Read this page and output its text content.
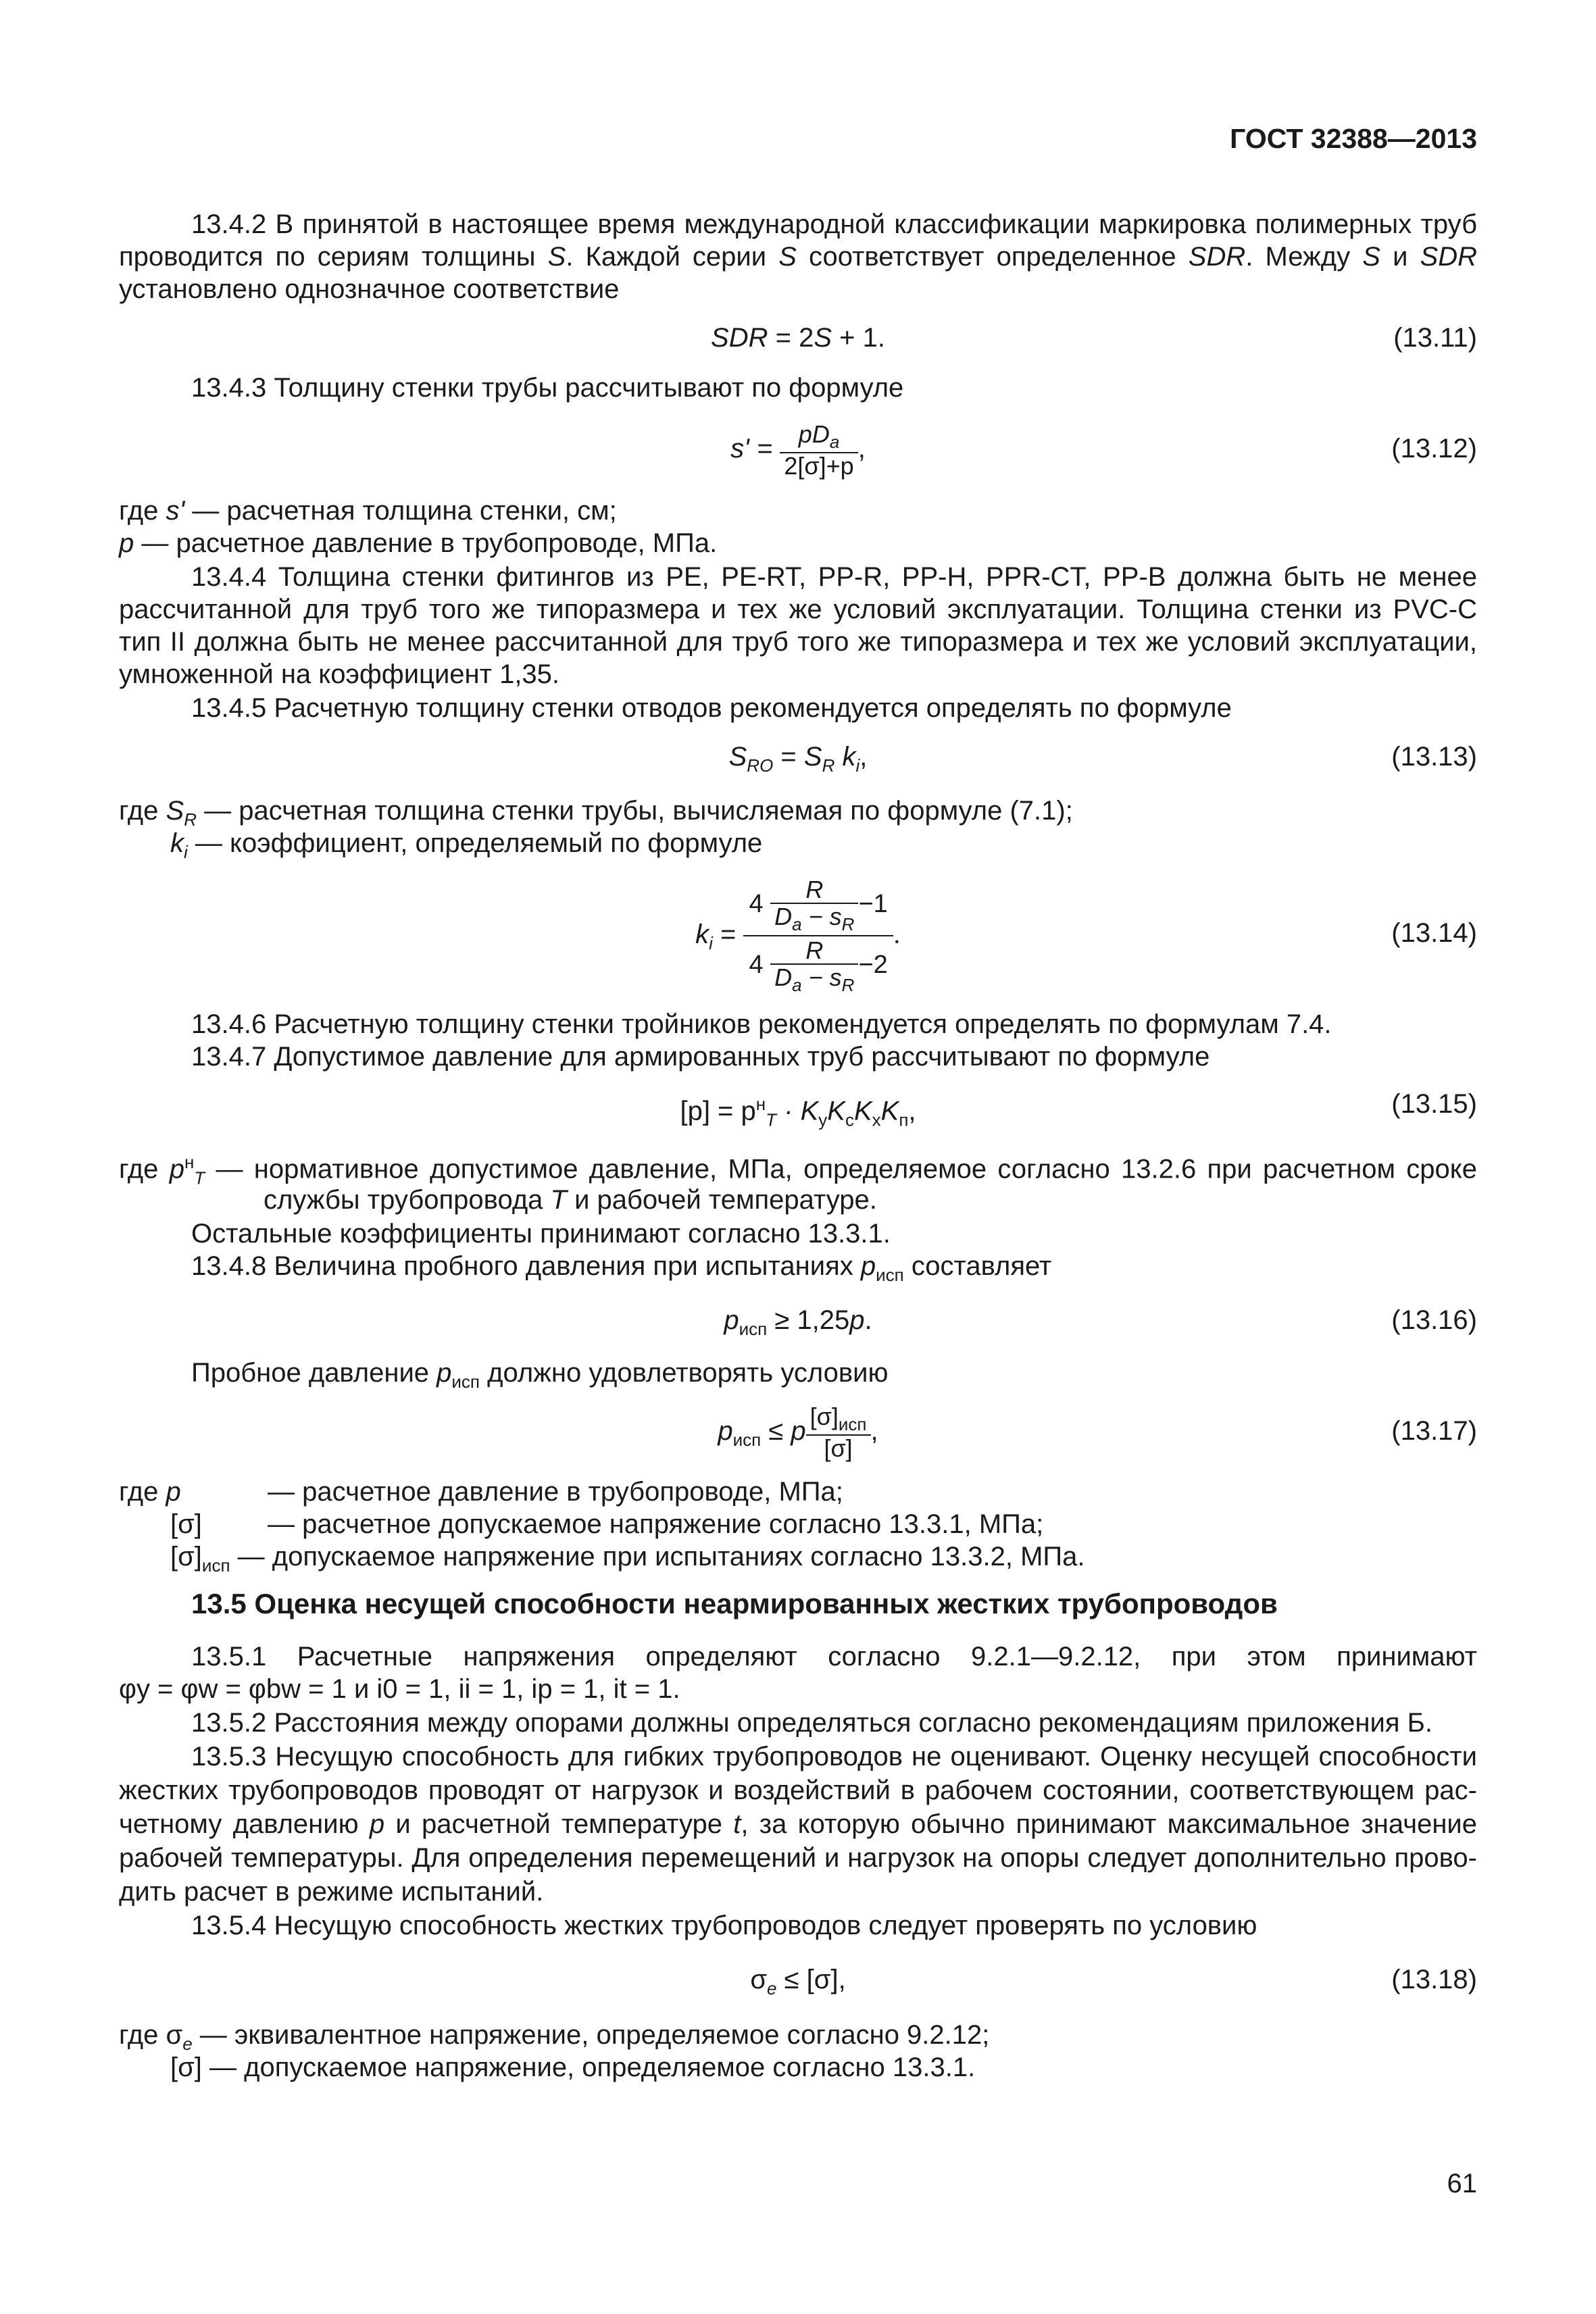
ГОСТ 32388—2013
13.4.2 В принятой в настоящее время международной классификации маркировка полимерных труб
проводится по сериям толщины S. Каждой серии S соответствует определенное SDR. Между S и SDR
установлено однозначное соответствие
SDR = 2S + 1.	(13.11)
13.4.3 Толщину стенки трубы рассчитывают по формуле
$s' = \frac{pD_a}{2[\sigma]+p}$ ,	(13.12)
где s' — расчетная толщина стенки, см;
p — расчетное давление в трубопроводе, МПа.
13.4.4 Толщина стенки фитингов из PE, PE-RT, PP-R, PP-H, PPR-CT, PP-B должна быть не менее
рассчитанной для труб того же типоразмера и тех же условий эксплуатации. Толщина стенки из PVC-C
тип II должна быть не менее рассчитанной для труб того же типоразмера и тех же условий эксплуатации,
умноженной на коэффициент 1,35.
13.4.5 Расчетную толщину стенки отводов рекомендуется определять по формуле
$S_{RO} = S_R$ $k_i$,	(13.13)
где $S_R$ — расчетная толщина стенки трубы, вычисляемая по формуле (7.1);
$k_i$ — коэффициент, определяемый по формуле
$k_i$ =
$4 \frac{R}{D_a - s_R} -1$
$4 \frac{R}{D_a - s_R} -2$
.	(13.14)
13.4.6 Расчетную толщину стенки тройников рекомендуется определять по формулам 7.4.
13.4.7 Допустимое давление для армированных труб рассчитывают по формуле
$[p] = p^н_T \cdot K_уK_сK_хK_п$,	(13.15)
где $p^н_T$ — нормативное допустимое давление, МПа, определяемое согласно 13.2.6 при расчетном сроке
службы трубопровода T и рабочей температуре.
Остальные коэффициенты принимают согласно 13.3.1.
13.4.8 Величина пробного давления при испытаниях $p_{исп}$ составляет
$p_{исп} \ge 1,25p$.	(13.16)
Пробное давление $p_{исп}$ должно удовлетворять условию
$p_{исп} \le p \frac{[\sigma]_{исп}}{[\sigma]}$ ,	(13.17)
где p	— расчетное давление в трубопроводе, МПа;
[σ] — расчетное допускаемое напряжение согласно 13.3.1, МПа;
$[\sigma]_{исп}$ — допускаемое напряжение при испытаниях согласно 13.3.2, МПа.
13.5 Оценка несущей способности неармированных жестких трубопроводов
13.5.1 Расчетные напряжения определяют согласно 9.2.1—9.2.12, при этом принимают
φy = φw = φbw = 1 и i0 = 1, ii = 1, ip = 1, it = 1.
13.5.2 Расстояния между опорами должны определяться согласно рекомендациям приложения Б.
13.5.3 Несущую способность для гибких трубопроводов не оценивают. Оценку несущей способности
жестких трубопроводов проводят от нагрузок и воздействий в рабочем состоянии, соответствующем рас-
четному давлению p и расчетной температуре t, за которую обычно принимают максимальное значение
рабочей температуры. Для определения перемещений и нагрузок на опоры следует дополнительно прово-
дить расчет в режиме испытаний.
13.5.4 Несущую способность жестких трубопроводов следует проверять по условию
$\sigma_e \le [\sigma]$,	(13.18)
где $\sigma_e$ — эквивалентное напряжение, определяемое согласно 9.2.12;
[σ] — допускаемое напряжение, определяемое согласно 13.3.1.
61
